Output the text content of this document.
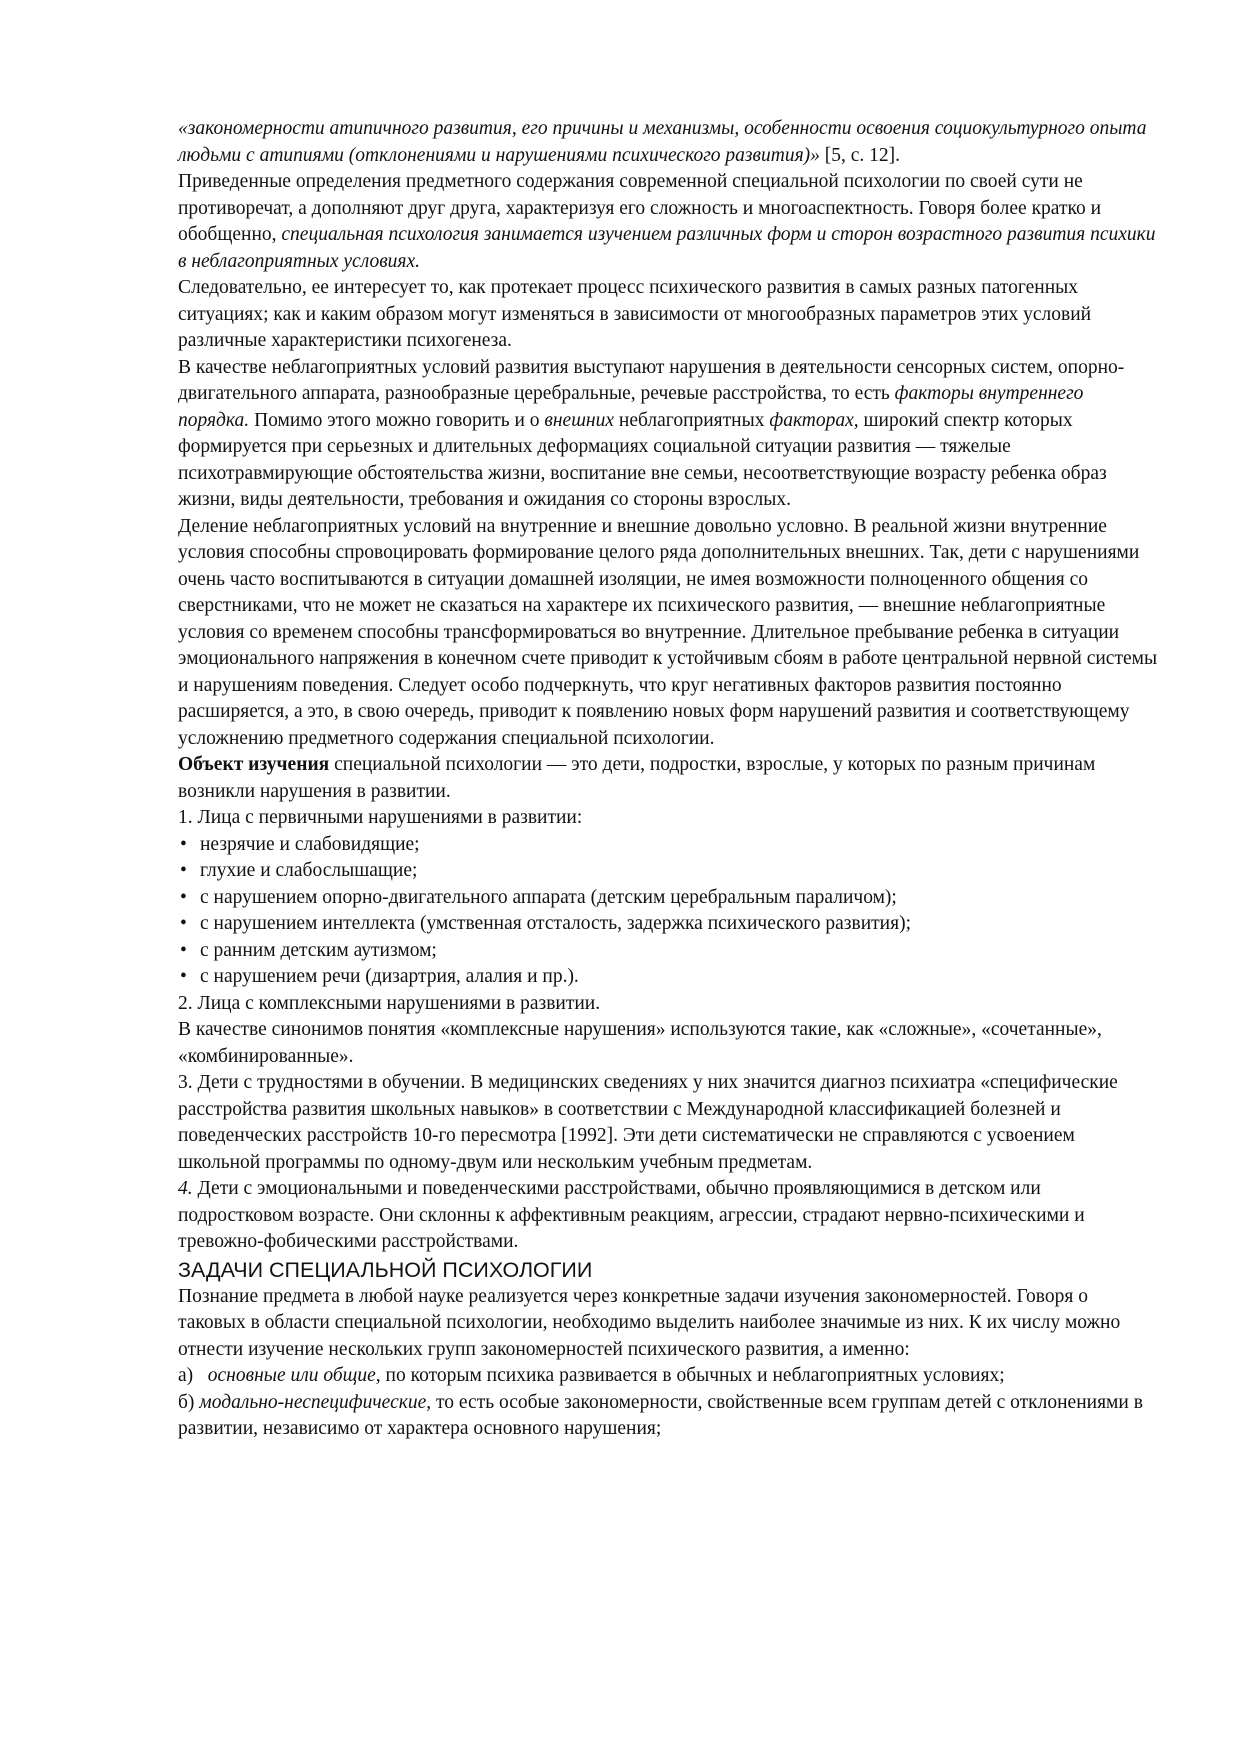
«закономерности атипичного развития, его причины и механизмы, особенности освоения социокультурного опыта людьми с атипиями (отклонениями и нарушениями психического развития)» [5, с. 12].

Приведенные определения предметного содержания современной специальной психологии по своей сути не противоречат, а дополняют друг друга, характеризуя его сложность и многоаспектность. Говоря более кратко и обобщенно, специальная психология занимается изучением различных форм и сторон возрастного развития психики в неблагоприятных условиях.

Следовательно, ее интересует то, как протекает процесс психического развития в самых разных патогенных ситуациях; как и каким образом могут изменяться в зависимости от многообразных параметров этих условий различные характеристики психогенеза.

В качестве неблагоприятных условий развития выступают нарушения в деятельности сенсорных систем, опорно-двигательного аппарата, разнообразные церебральные, речевые расстройства, то есть факторы внутреннего порядка. Помимо этого можно говорить и о внешних неблагоприятных факторах, широкий спектр которых формируется при серьезных и длительных деформациях социальной ситуации развития — тяжелые психотравмирующие обстоятельства жизни, воспитание вне семьи, несоответствующие возрасту ребенка образ жизни, виды деятельности, требования и ожидания со стороны взрослых.

Деление неблагоприятных условий на внутренние и внешние довольно условно. В реальной жизни внутренние условия способны спровоцировать формирование целого ряда дополнительных внешних. Так, дети с нарушениями очень часто воспитываются в ситуации домашней изоляции, не имея возможности полноценного общения со сверстниками, что не может не сказаться на характере их психического развития, — внешние неблагоприятные условия со временем способны трансформироваться во внутренние. Длительное пребывание ребенка в ситуации эмоционального напряжения в конечном счете приводит к устойчивым сбоям в работе центральной нервной системы и нарушениям поведения. Следует особо подчеркнуть, что круг негативных факторов развития постоянно расширяется, а это, в свою очередь, приводит к появлению новых форм нарушений развития и соответствующему усложнению предметного содержания специальной психологии.

Объект изучения специальной психологии — это дети, подростки, взрослые, у которых по разным причинам возникли нарушения в развитии.

1. Лица с первичными нарушениями в развитии:

• незрячие и слабовидящие;
• глухие и слабослышащие;
• с нарушением опорно-двигательного аппарата (детским церебральным параличом);
• с нарушением интеллекта (умственная отсталость, задержка психического развития);
• с ранним детским аутизмом;
• с нарушением речи (дизартрия, алалия и пр.).

2. Лица с комплексными нарушениями в развитии.

В качестве синонимов понятия «комплексные нарушения» используются такие, как «сложные», «сочетанные», «комбинированные».

3. Дети с трудностями в обучении. В медицинских сведениях у них значится диагноз психиатра «специфические расстройства развития школьных навыков» в соответствии с Международной классификацией болезней и поведенческих расстройств 10-го пересмотра [1992]. Эти дети систематически не справляются с усвоением школьной программы по одному-двум или нескольким учебным предметам.

4. Дети с эмоциональными и поведенческими расстройствами, обычно проявляющимися в детском или подростковом возрасте. Они склонны к аффективным реакциям, агрессии, страдают нервно-психическими и тревожно-фобическими расстройствами.

ЗАДАЧИ СПЕЦИАЛЬНОЙ ПСИХОЛОГИИ

Познание предмета в любой науке реализуется через конкретные задачи изучения закономерностей. Говоря о таковых в области специальной психологии, необходимо выделить наиболее значимые из них. К их числу можно отнести изучение нескольких групп закономерностей психического развития, а именно:

а)   основные или общие, по которым психика развивается в обычных и неблагоприятных условиях;

б) модально-неспецифические, то есть особые закономерности, свойственные всем группам детей с отклонениями в развитии, независимо от характера основного нарушения;
